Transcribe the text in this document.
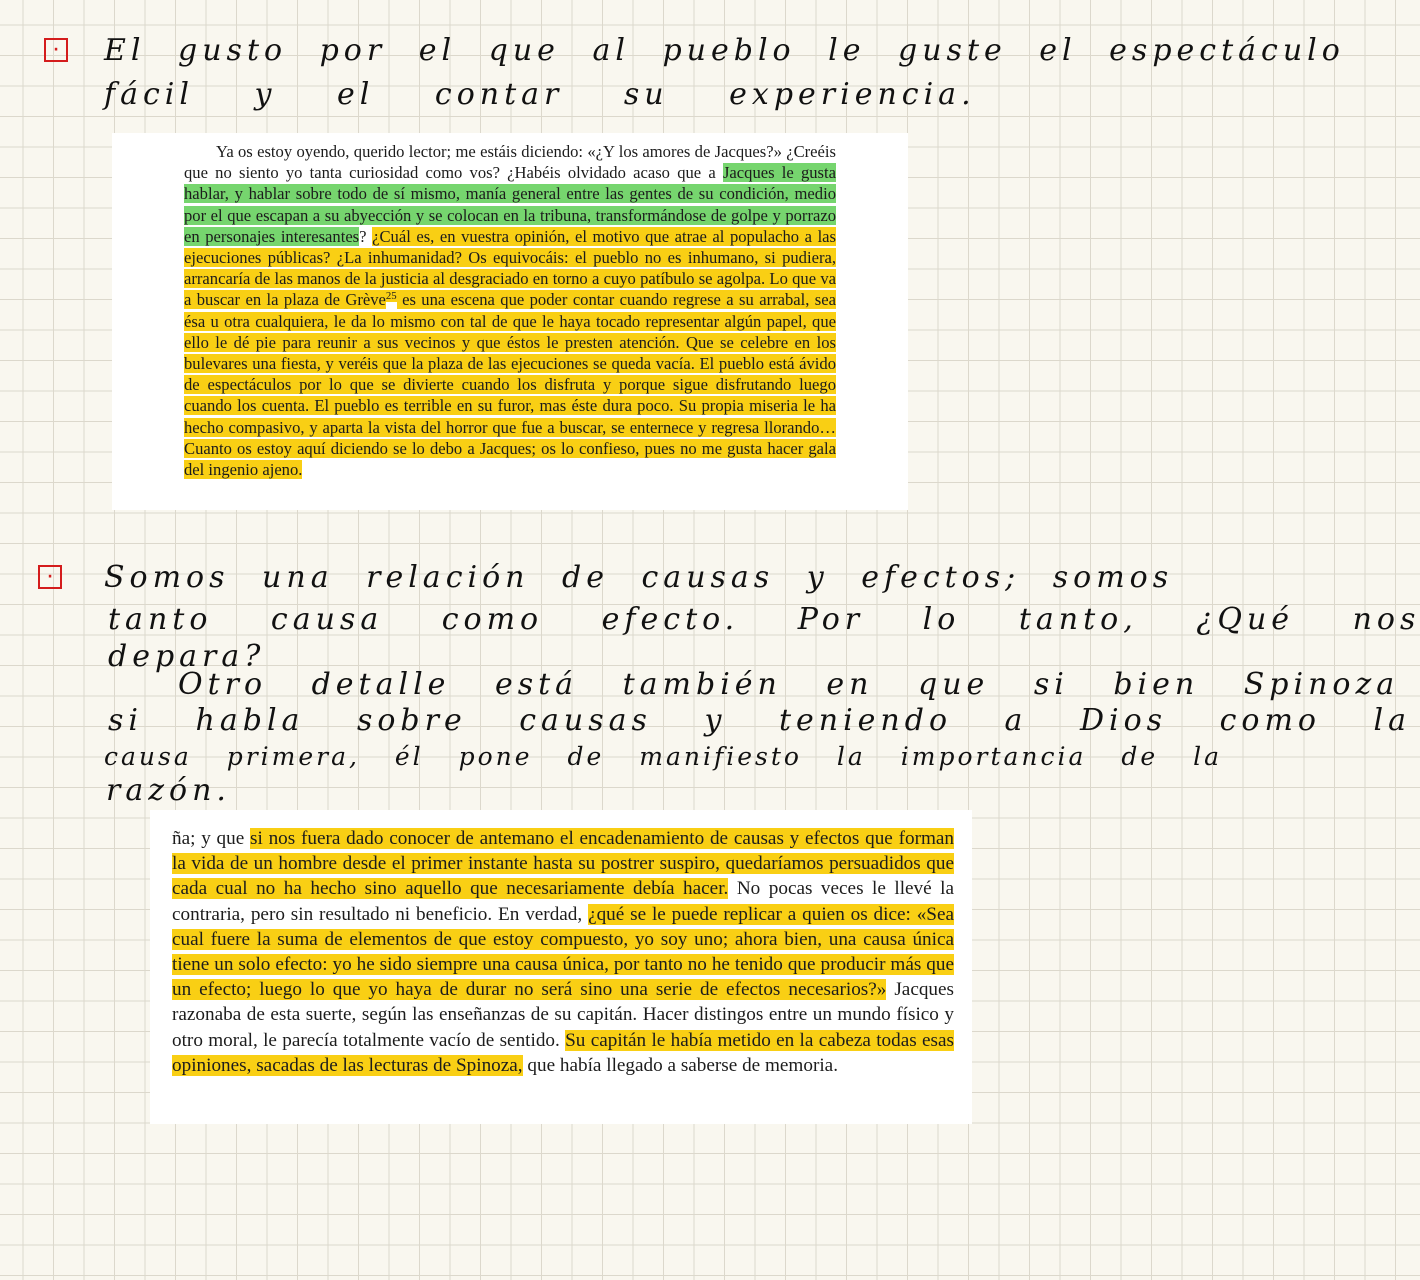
·	El gusto por el que al pueblo le guste el espectáculo

fácil y el contar su experiencia.

Ya os estoy oyendo, querido lector; me estáis diciendo: «¿Y los amores de Jacques?» ¿Creéis que no siento yo tanta curiosidad como vos? ¿Habéis olvidado acaso que a Jacques le gusta hablar, y hablar sobre todo de sí mismo, manía general entre las gentes de su condición, medio por el que escapan a su abyección y se colocan en la tribuna, transformándose de golpe y porrazo en personajes interesantes? ¿Cuál es, en vuestra opinión, el motivo que atrae al populacho a las ejecuciones públicas? ¿La inhumanidad? Os equivocáis: el pueblo no es inhumano, si pudiera, arrancaría de las manos de la justicia al desgraciado en torno a cuyo patíbulo se agolpa. Lo que va a buscar en la plaza de Grève$^{25}$ es una escena que poder contar cuando regrese a su arrabal, sea ésa u otra cualquiera, le da lo mismo con tal de que le haya tocado representar algún papel, que ello le dé pie para reunir a sus vecinos y que éstos le presten atención. Que se celebre en los bulevares una fiesta, y veréis que la plaza de las ejecuciones se queda vacía. El pueblo está ávido de espectáculos por lo que se divierte cuando los disfruta y porque sigue disfrutando luego cuando los cuenta. El pueblo es terrible en su furor, mas éste dura poco. Su propia miseria le ha hecho compasivo, y aparta la vista del horror que fue a buscar, se enternece y regresa llorando… Cuanto os estoy aquí diciendo se lo debo a Jacques; os lo confieso, pues no me gusta hacer gala del ingenio ajeno.

·	Somos una relación de causas y efectos; somos

tanto causa como efecto. Por lo tanto, ¿Qué nos

depara?

Otro detalle está también en que si bien Spinoza

si habla sobre causas y teniendo a Dios como la

causa primera, él pone de manifiesto la importancia de la

razón.

ña; y que si nos fuera dado conocer de antemano el encadenamiento de causas y efectos que forman la vida de un hombre desde el primer instante hasta su postrer suspiro, quedaríamos persuadidos que cada cual no ha hecho sino aquello que necesariamente debía hacer. No pocas veces le llevé la contraria, pero sin resultado ni beneficio. En verdad, ¿qué se le puede replicar a quien os dice: «Sea cual fuere la suma de elementos de que estoy compuesto, yo soy uno; ahora bien, una causa única tiene un solo efecto: yo he sido siempre una causa única, por tanto no he tenido que producir más que un efecto; luego lo que yo haya de durar no será sino una serie de efectos necesarios?» Jacques razonaba de esta suerte, según las enseñanzas de su capitán. Hacer distingos entre un mundo físico y otro moral, le parecía totalmente vacío de sentido. Su capitán le había metido en la cabeza todas esas opiniones, sacadas de las lecturas de Spinoza, que había llegado a saberse de memoria.
